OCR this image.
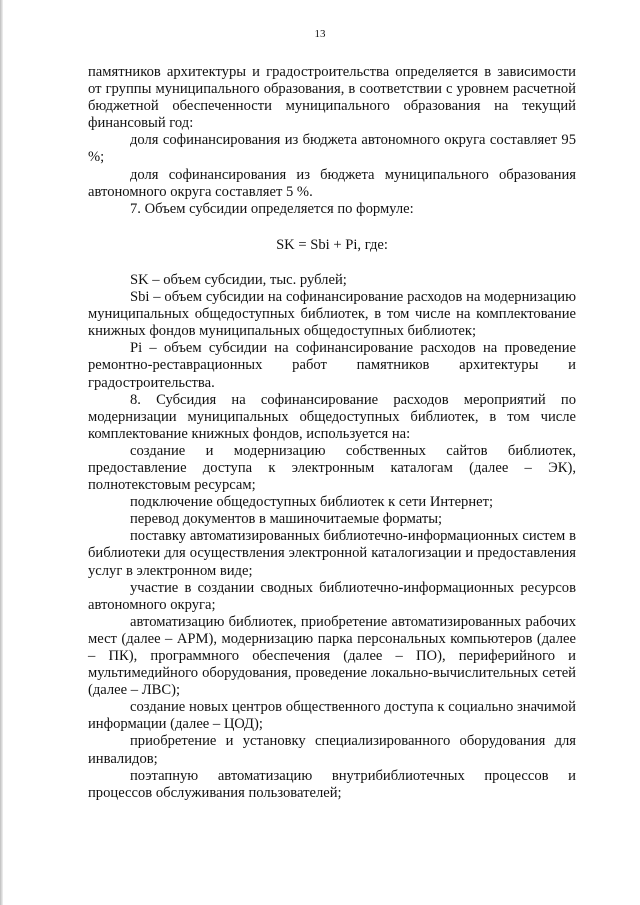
13

памятников архитектуры и градостроительства определяется в зависимости от группы муниципального образования, в соответствии с уровнем расчетной бюджетной обеспеченности муниципального образования на текущий финансовый год:

доля софинансирования из бюджета автономного округа составляет 95 %;

доля софинансирования из бюджета муниципального образования автономного округа составляет 5 %.

7. Объем субсидии определяется по формуле:

SK = Sbi + Pi, где:

SK – объем субсидии, тыс. рублей;

Sbi – объем субсидии на софинансирование расходов на модернизацию муниципальных общедоступных библиотек, в том числе на комплектование книжных фондов муниципальных общедоступных библиотек;

Pi – объем субсидии на софинансирование расходов на проведение ремонтно-реставрационных работ памятников архитектуры и градостроительства.

8. Субсидия на софинансирование расходов мероприятий по модернизации муниципальных общедоступных библиотек, в том числе комплектование книжных фондов, используется на:

создание и модернизацию собственных сайтов библиотек, предоставление доступа к электронным каталогам (далее – ЭК), полнотекстовым ресурсам;

подключение общедоступных библиотек к сети Интернет;

перевод документов в машиночитаемые форматы;

поставку автоматизированных библиотечно-информационных систем в библиотеки для осуществления электронной каталогизации и предоставления услуг в электронном виде;

участие в создании сводных библиотечно-информационных ресурсов автономного округа;

автоматизацию библиотек, приобретение автоматизированных рабочих мест (далее – АРМ), модернизацию парка персональных компьютеров (далее – ПК), программного обеспечения (далее – ПО), периферийного и мультимедийного оборудования, проведение локально-вычислительных сетей (далее – ЛВС);

создание новых центров общественного доступа к социально значимой информации (далее – ЦОД);

приобретение и установку специализированного оборудования для инвалидов;

поэтапную автоматизацию внутрибиблиотечных процессов и процессов обслуживания пользователей;
